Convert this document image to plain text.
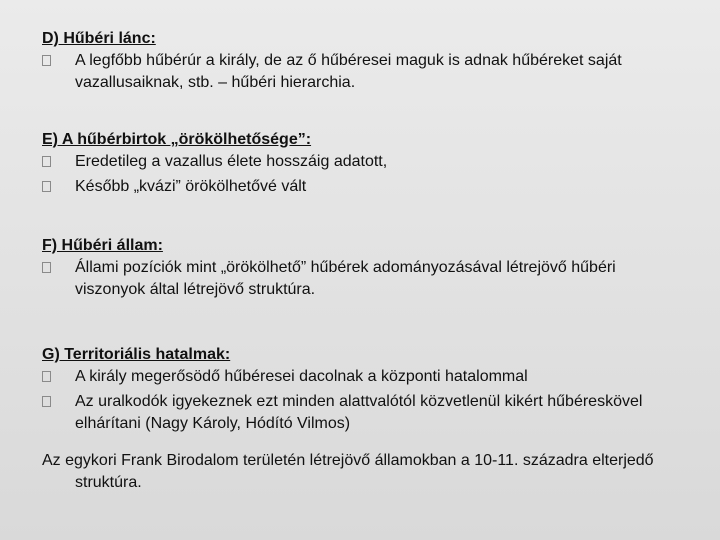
D) Hűbéri lánc:

A legfőbb hűbérúr a király, de az ő hűbéresei maguk is adnak hűbéreket saját vazallusaiknak, stb. – hűbéri hierarchia.

E) A hűbérbirtok „örökölhetősége”:

Eredetileg a vazallus élete hosszáig adatott,
Később „kvázi” örökölhetővé vált

F) Hűbéri állam:

Állami pozíciók mint „örökölhető” hűbérek adományozásával létrejövő hűbéri viszonyok által létrejövő struktúra.

G) Territoriális hatalmak:

A király megerősödő hűbéresei dacolnak a központi hatalommal
Az uralkodók igyekeznek ezt minden alattvalótól közvetlenül kikért hűbéreskövel elhárítani (Nagy Károly, Hódító Vilmos)

Az egykori Frank Birodalom területén létrejövő államokban a 10-11. századra elterjedő struktúra.
